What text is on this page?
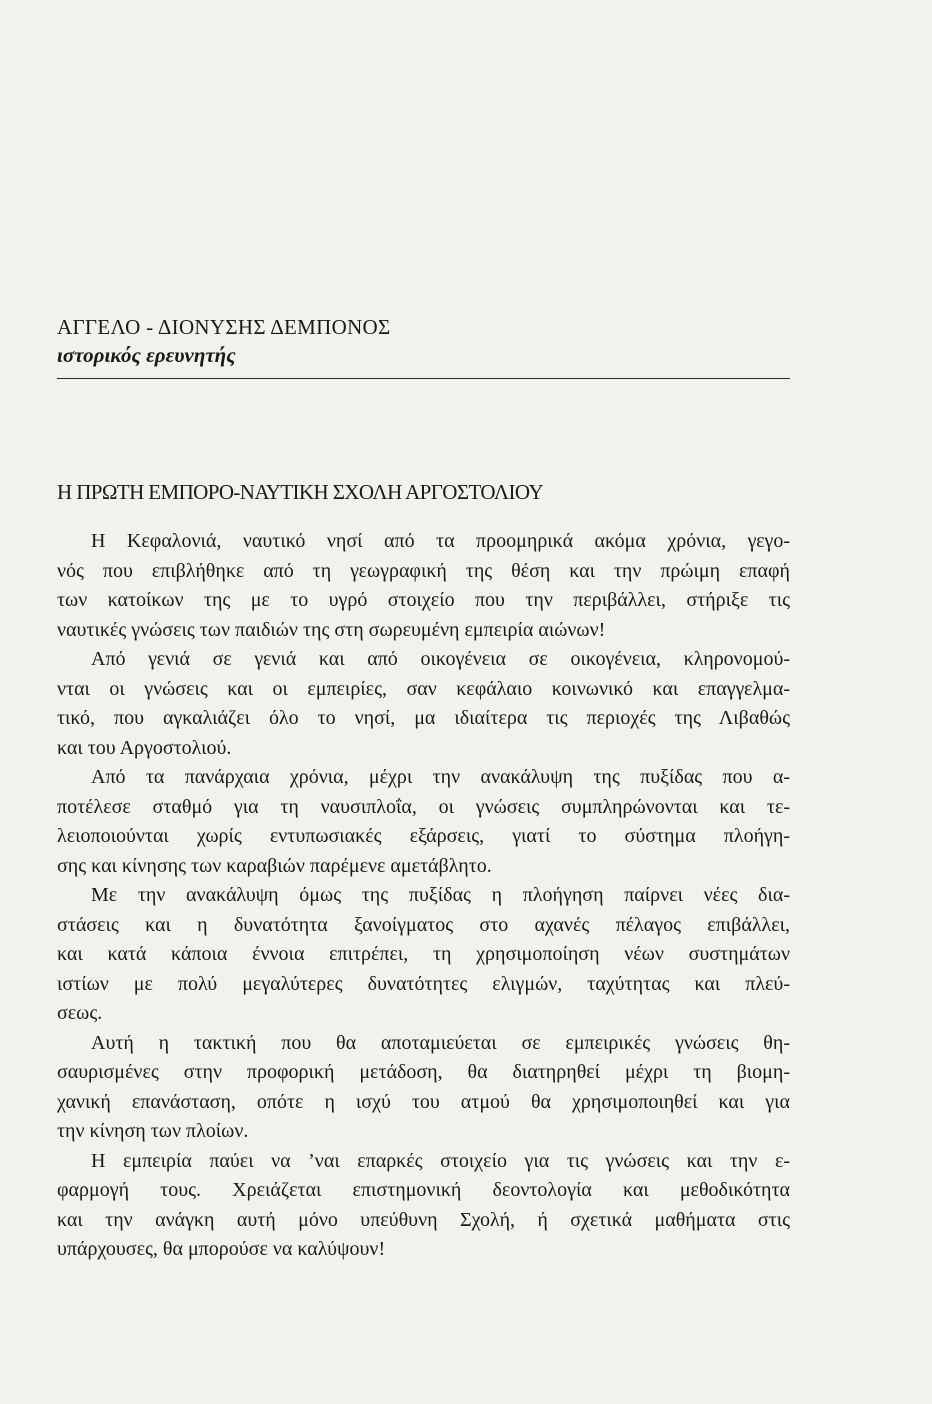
ΑΓΓΕΛΟ - ΔΙΟΝΥΣΗΣ ΔΕΜΠΟΝΟΣ
ιστορικός ερευνητής
Η ΠΡΩΤΗ ΕΜΠΟΡΟ-ΝΑΥΤΙΚΗ ΣΧΟΛΗ ΑΡΓΟΣΤΟΛΙΟΥ

Η Κεφαλονιά, ναυτικό νησί από τα προομηρικά ακόμα χρόνια, γεγο-
νός που επιβλήθηκε από τη γεωγραφική της θέση και την πρώιμη επαφή
των κατοίκων της με το υγρό στοιχείο που την περιβάλλει, στήριξε τις
ναυτικές γνώσεις των παιδιών της στη σωρευμένη εμπειρία αιώνων!

Από γενιά σε γενιά και από οικογένεια σε οικογένεια, κληρονομού-
νται οι γνώσεις και οι εμπειρίες, σαν κεφάλαιο κοινωνικό και επαγγελμα-
τικό, που αγκαλιάζει όλο το νησί, μα ιδιαίτερα τις περιοχές της Λιβαθώς
και του Αργοστολιού.

Από τα πανάρχαια χρόνια, μέχρι την ανακάλυψη της πυξίδας που α-
ποτέλεσε σταθμό για τη ναυσιπλοΐα, οι γνώσεις συμπληρώνονται και τε-
λειοποιούνται χωρίς εντυπωσιακές εξάρσεις, γιατί το σύστημα πλοήγη-
σης και κίνησης των καραβιών παρέμενε αμετάβλητο.

Με την ανακάλυψη όμως της πυξίδας η πλοήγηση παίρνει νέες δια-
στάσεις και η δυνατότητα ξανοίγματος στο αχανές πέλαγος επιβάλλει,
και κατά κάποια έννοια επιτρέπει, τη χρησιμοποίηση νέων συστημάτων
ιστίων με πολύ μεγαλύτερες δυνατότητες ελιγμών, ταχύτητας και πλεύ-
σεως.

Αυτή η τακτική που θα αποταμιεύεται σε εμπειρικές γνώσεις θη-
σαυρισμένες στην προφορική μετάδοση, θα διατηρηθεί μέχρι τη βιομη-
χανική επανάσταση, οπότε η ισχύ του ατμού θα χρησιμοποιηθεί και για
την κίνηση των πλοίων.

Η εμπειρία παύει να ’ναι επαρκές στοιχείο για τις γνώσεις και την ε-
φαρμογή τους. Χρειάζεται επιστημονική δεοντολογία και μεθοδικότητα
και την ανάγκη αυτή μόνο υπεύθυνη Σχολή, ή σχετικά μαθήματα στις
υπάρχουσες, θα μπορούσε να καλύψουν!
